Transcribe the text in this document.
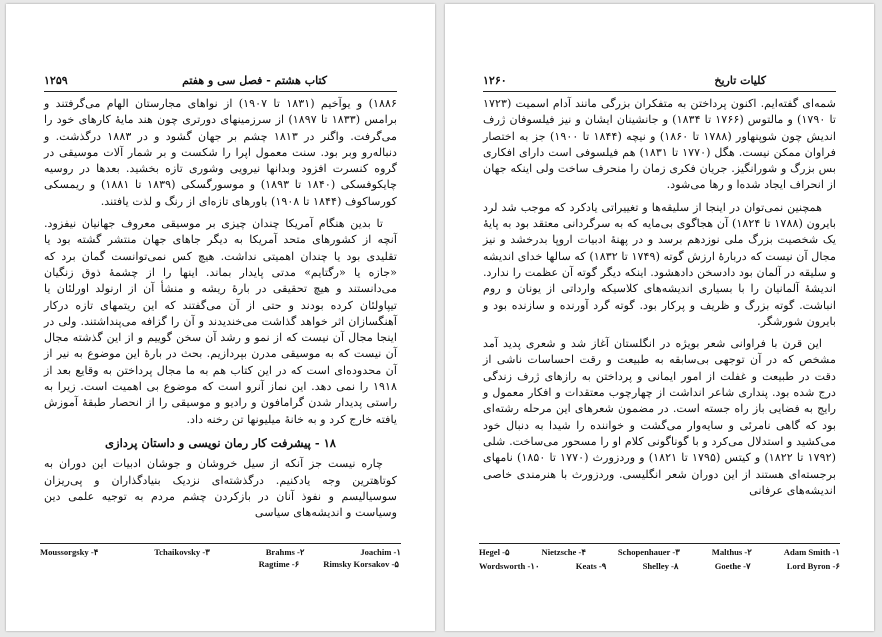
کتاب هشتم - فصل سی و هفتم
۱۲۵۹

۱۸۸۶) و یوآخیم (۱۸۳۱ تا ۱۹۰۷) از نواهای مجارستان الهام می‌گرفتند و برامس (۱۸۳۳ تا ۱۸۹۷) از سرزمینهای دورتری چون هند مایهٔ کارهای خود را می‌گرفت. واگنر در ۱۸۱۳ چشم بر جهان گشود و در ۱۸۸۳ درگذشت. و دنباله‌رو وبر بود. سنت معمول اپرا را شکست و بر شمار آلات موسیقی در گروه کنسرت افزود وبدانها نیرویی وشوری تازه بخشید. بعدها در روسیه چایکوفسکی (۱۸۴۰ تا ۱۸۹۳) و موسورگسکی (۱۸۳۹ تا ۱۸۸۱) و ریمسکی کورساکوف (۱۸۴۴ تا ۱۹۰۸) باورهای تازه‌ای از رنگ و لذت یافتند.

تا بدین هنگام آمریکا چندان چیزی بر موسیقی معروف جهانیان نیفزود. آنچه از کشورهای متحد آمریکا به دیگر جاهای جهان منتشر گشته بود یا تقلیدی بود یا چندان اهمیتی نداشت. هیچ کس نمی‌توانست گمان برد که «جازه یا «رگتایم» مدتی پایدار بماند. اینها را از چشمهٔ ذوق زنگیان می‌دانستند و هیچ تحقیقی در بارهٔ ریشه و منشأ آن از ارنولد اورلئان یا تیپاولئان کرده بودند و حتی از آن می‌گفتند که این ریتمهای تازه درکار آهنگسازان اثر خواهد گذاشت می‌خندیدند و آن را گزافه می‌پنداشتند. ولی در اینجا مجال آن نیست که از نمو و رشد آن سخن گوییم و از این گذشته مجال آن نیست که به موسیقی مدرن بپردازیم. بحث در بارهٔ این موضوع به نیر از آن محدوده‌ای است که در این کتاب هم به ما مجال پرداختن به وقایع بعد از ۱۹۱۸ را نمی دهد. این نماز آنرو است که موضوع بی اهمیت است. زیرا به راستی پدیدار شدن گرامافون و رادیو و موسیقی را از انحصار طبقهٔ آموزش یافته خارج کرد و به خانهٔ میلیونها تن رخنه داد.

۱۸ - پیشرفت کار رمان نویسی و داستان پردازی

چاره نیست جز آنکه از سیل خروشان و جوشان ادبیات این دوران به کوتاهترین وجه یادکنیم. درگذشته‌ای نزدیک بنیادگذاران و پی‌ریزان سوسیالیسم و نفوذ آنان در بازکردن چشم مردم به توجیه علمی دین وسیاست و اندیشه‌های سیاسی

Moussorgsky -۴	Tchaikovsky -۳	Brahms -۲	Joachim -۱
Ragtime -۶	Rimsky Korsakov -۵
کلیات تاریخ
۱۲۶۰

شمه‌ای گفته‌ایم. اکنون پرداختن به متفکران بزرگی مانند آدام اسمیت (۱۷۲۳ تا ۱۷۹۰) و مالتوس (۱۷۶۶ تا ۱۸۳۴) و جانشینان ایشان و نیز فیلسوفان ژرف اندیش چون شوپنهاور (۱۷۸۸ تا ۱۸۶۰) و نیچه (۱۸۴۴ تا ۱۹۰۰) جز به اختصار فراوان ممکن نیست. هگل (۱۷۷۰ تا ۱۸۳۱) هم فیلسوفی است دارای افکاری بس بزرگ و شورانگیز. جریان فکری زمان را منحرف ساخت ولی اینکه جهان از انحراف ایجاد شده‌ا و رها می‌شود.

همچنین نمی‌توان در اینجا از سلیقه‌ها و تغییراتی یادکرد که موجب شد لرد بایرون (۱۷۸۸ تا ۱۸۲۴) آن هجاگوی بی‌مایه که به سرگردانی معتقد بود به پایهٔ یک شخصیت بزرگ ملی نوزدهم برسد و در پهنهٔ ادبیات اروپا بدرخشد و نیز مجال آن نیست که دربارهٔ ارزش گوته (۱۷۴۹ تا ۱۸۳۲) که سالها خدای اندیشه و سلیقه در آلمان بود دادسخن دادهشود. اینکه دیگر گوته آن عظمت را ندارد. اندیشهٔ آلمانیان را با بسیاری اندیشه‌های کلاسیکه وارداتی از یونان و روم انباشت. گوته بزرگ و ظریف و پرکار بود. گوته گرد آورنده و سازنده بود و بایرون شورشگر.

این قرن با فراوانی شعر بویژه در انگلستان آغاز شد و شعری پدید آمد مشخص که در آن توجهی بی‌سابقه به طبیعت و رقت احساسات ناشی از دقت در طبیعت و غفلت از امور ایمانی و پرداختن به رازهای ژرف زندگی درج شده بود. پنداری شاعر انداشت از چهارچوب معتقدات و افکار معمول و رایج به فضایی باز راه جسته است. در مضمون شعرهای این مرحله رشته‌ای بود که گاهی نامرئی و سایه‌وار می‌گشت و خواننده را شیدا به دنبال خود می‌کشید و استدلال می‌کرد و با گوناگونی کلام او را مسحور می‌ساخت. شلی (۱۷۹۲ تا ۱۸۲۲) و کیتس (۱۷۹۵ تا ۱۸۲۱) و وردزورث (۱۷۷۰ تا ۱۸۵۰) نامهای برجسته‌ای هستند از این دوران شعر انگلیسی. وردزورث با هنرمندی خاصی اندیشه‌های عرفانی

Hegel -۵	Nietzsche -۴	Schopenhauer -۳	Malthus -۲	Adam Smith -۱
Wordsworth -۱۰	Keats -۹	Shelley -۸	Goethe -۷	Lord Byron -۶
